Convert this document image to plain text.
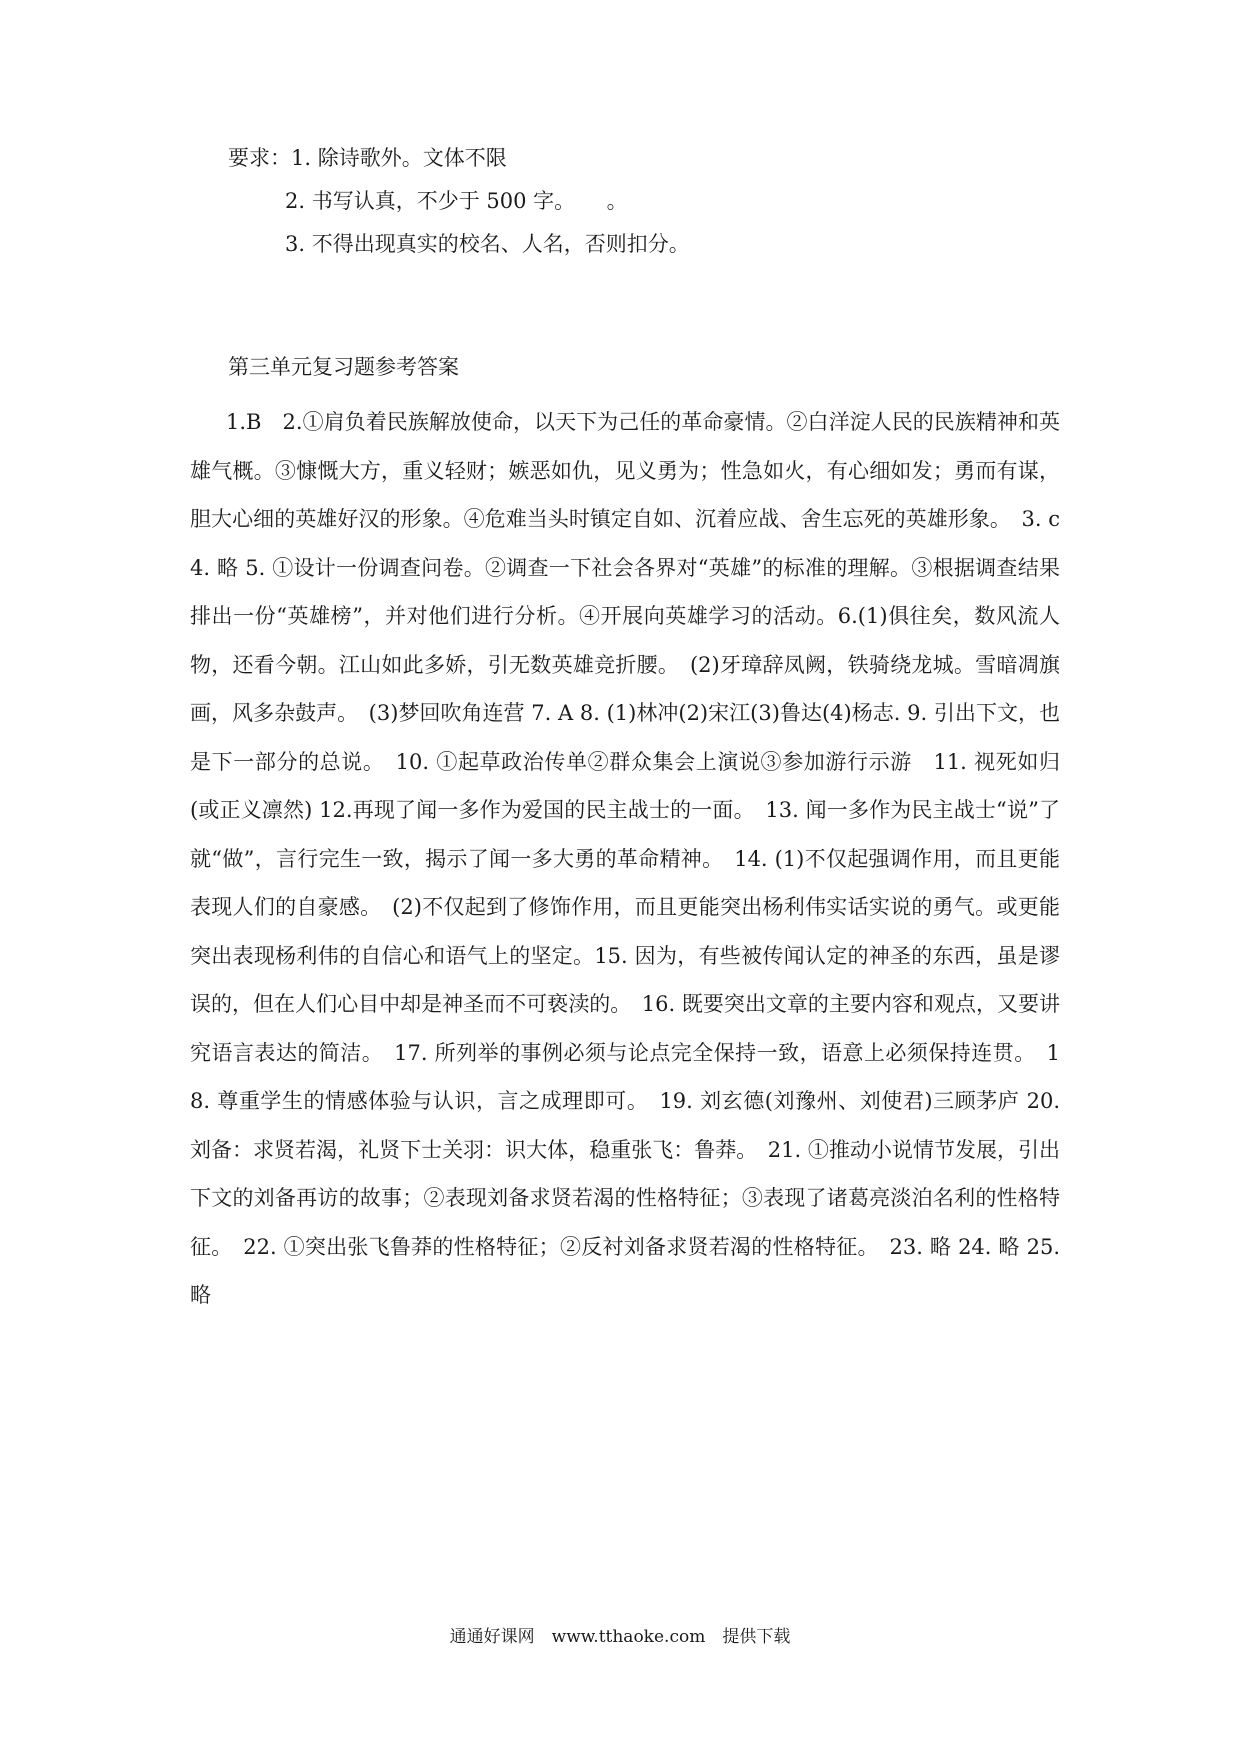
要求：1. 除诗歌外。文体不限
2. 书写认真，不少于 500 字。　　。
3. 不得出现真实的校名、人名，否则扣分。
第三单元复习题参考答案

1.B　2.①肩负着民族解放使命，以天下为己任的革命豪情。②白洋淀人民的民族精神和英雄气概。③慷慨大方，重义轻财；嫉恶如仇，见义勇为；性急如火，有心细如发；勇而有谋，胆大心细的英雄好汉的形象。④危难当头时镇定自如、沉着应战、舍生忘死的英雄形象。　3. c 4. 略 5. ①设计一份调查问卷。②调查一下社会各界对“英雄”的标准的理解。③根据调查结果排出一份“英雄榜”，并对他们进行分析。④开展向英雄学习的活动。6.(1)俱往矣，数风流人物，还看今朝。江山如此多娇，引无数英雄竞折腰。　(2)牙璋辞凤阙，铁骑绕龙城。雪暗凋旗画，风多杂鼓声。　(3)梦回吹角连营 7. A 8. (1)林冲(2)宋江(3)鲁达(4)杨志. 9. 引出下文，也是下一部分的总说。　10. ①起草政治传单②群众集会上演说③参加游行示游　11. 视死如归(或正义凛然) 12.再现了闻一多作为爱国的民主战士的一面。　13. 闻一多作为民主战士“说”了就“做”，言行完生一致，揭示了闻一多大勇的革命精神。　14. (1)不仅起强调作用，而且更能表现人们的自豪感。　(2)不仅起到了修饰作用，而且更能突出杨利伟实话实说的勇气。或更能突出表现杨利伟的自信心和语气上的坚定。15. 因为，有些被传闻认定的神圣的东西，虽是谬误的，但在人们心目中却是神圣而不可亵渎的。　16. 既要突出文章的主要内容和观点，又要讲究语言表达的简洁。　17. 所列举的事例必须与论点完全保持一致，语意上必须保持连贯。　18. 尊重学生的情感体验与认识，言之成理即可。　19. 刘玄德(刘豫州、刘使君)三顾茅庐 20. 刘备：求贤若渴，礼贤下士关羽：识大体，稳重张飞：鲁莽。　21. ①推动小说情节发展，引出下文的刘备再访的故事；②表现刘备求贤若渴的性格特征；③表现了诸葛亮淡泊名利的性格特征。　22. ①突出张飞鲁莽的性格特征；②反衬刘备求贤若渴的性格特征。　23. 略 24. 略 25. 略

通通好课网　www.tthaoke.com　提供下载
